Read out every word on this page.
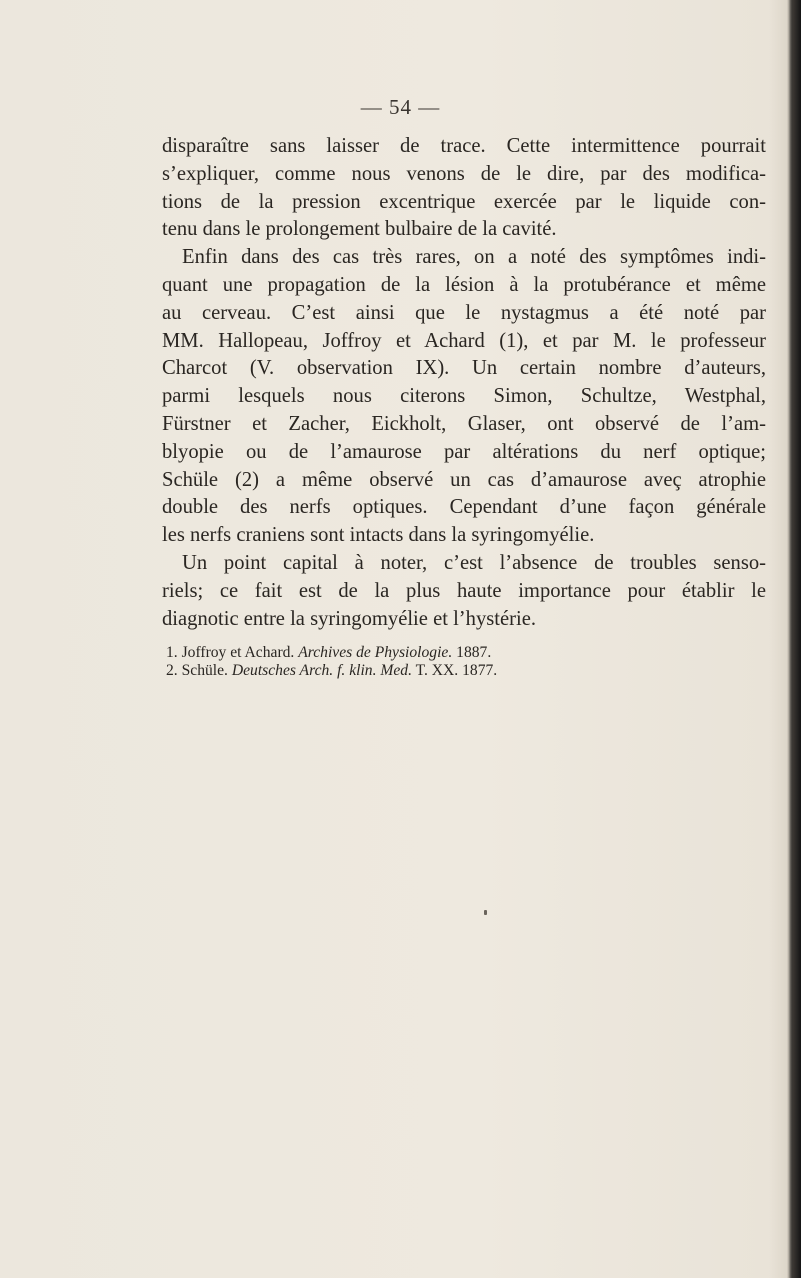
— 54 —
disparaître sans laisser de trace. Cette intermittence pourrait
s’expliquer, comme nous venons de le dire, par des modifica-
tions de la pression excentrique exercée par le liquide con-
tenu dans le prolongement bulbaire de la cavité.
Enfin dans des cas très rares, on a noté des symptômes indi-
quant une propagation de la lésion à la protubérance et même
au cerveau. C’est ainsi que le nystagmus a été noté par
MM. Hallopeau, Joffroy et Achard (1), et par M. le professeur
Charcot (V. observation IX). Un certain nombre d’auteurs,
parmi lesquels nous citerons Simon, Schultze, Westphal,
Fürstner et Zacher, Eickholt, Glaser, ont observé de l’am-
blyopie ou de l’amaurose par altérations du nerf optique;
Schüle (2) a même observé un cas d’amaurose aveç atrophie
double des nerfs optiques. Cependant d’une façon générale
les nerfs craniens sont intacts dans la syringomyélie.
Un point capital à noter, c’est l’absence de troubles senso-
riels; ce fait est de la plus haute importance pour établir le
diagnotic entre la syringomyélie et l’hystérie.
1. Joffroy et Achard. Archives de Physiologie. 1887.
2. Schüle. Deutsches Arch. f. klin. Med. T. XX. 1877.
